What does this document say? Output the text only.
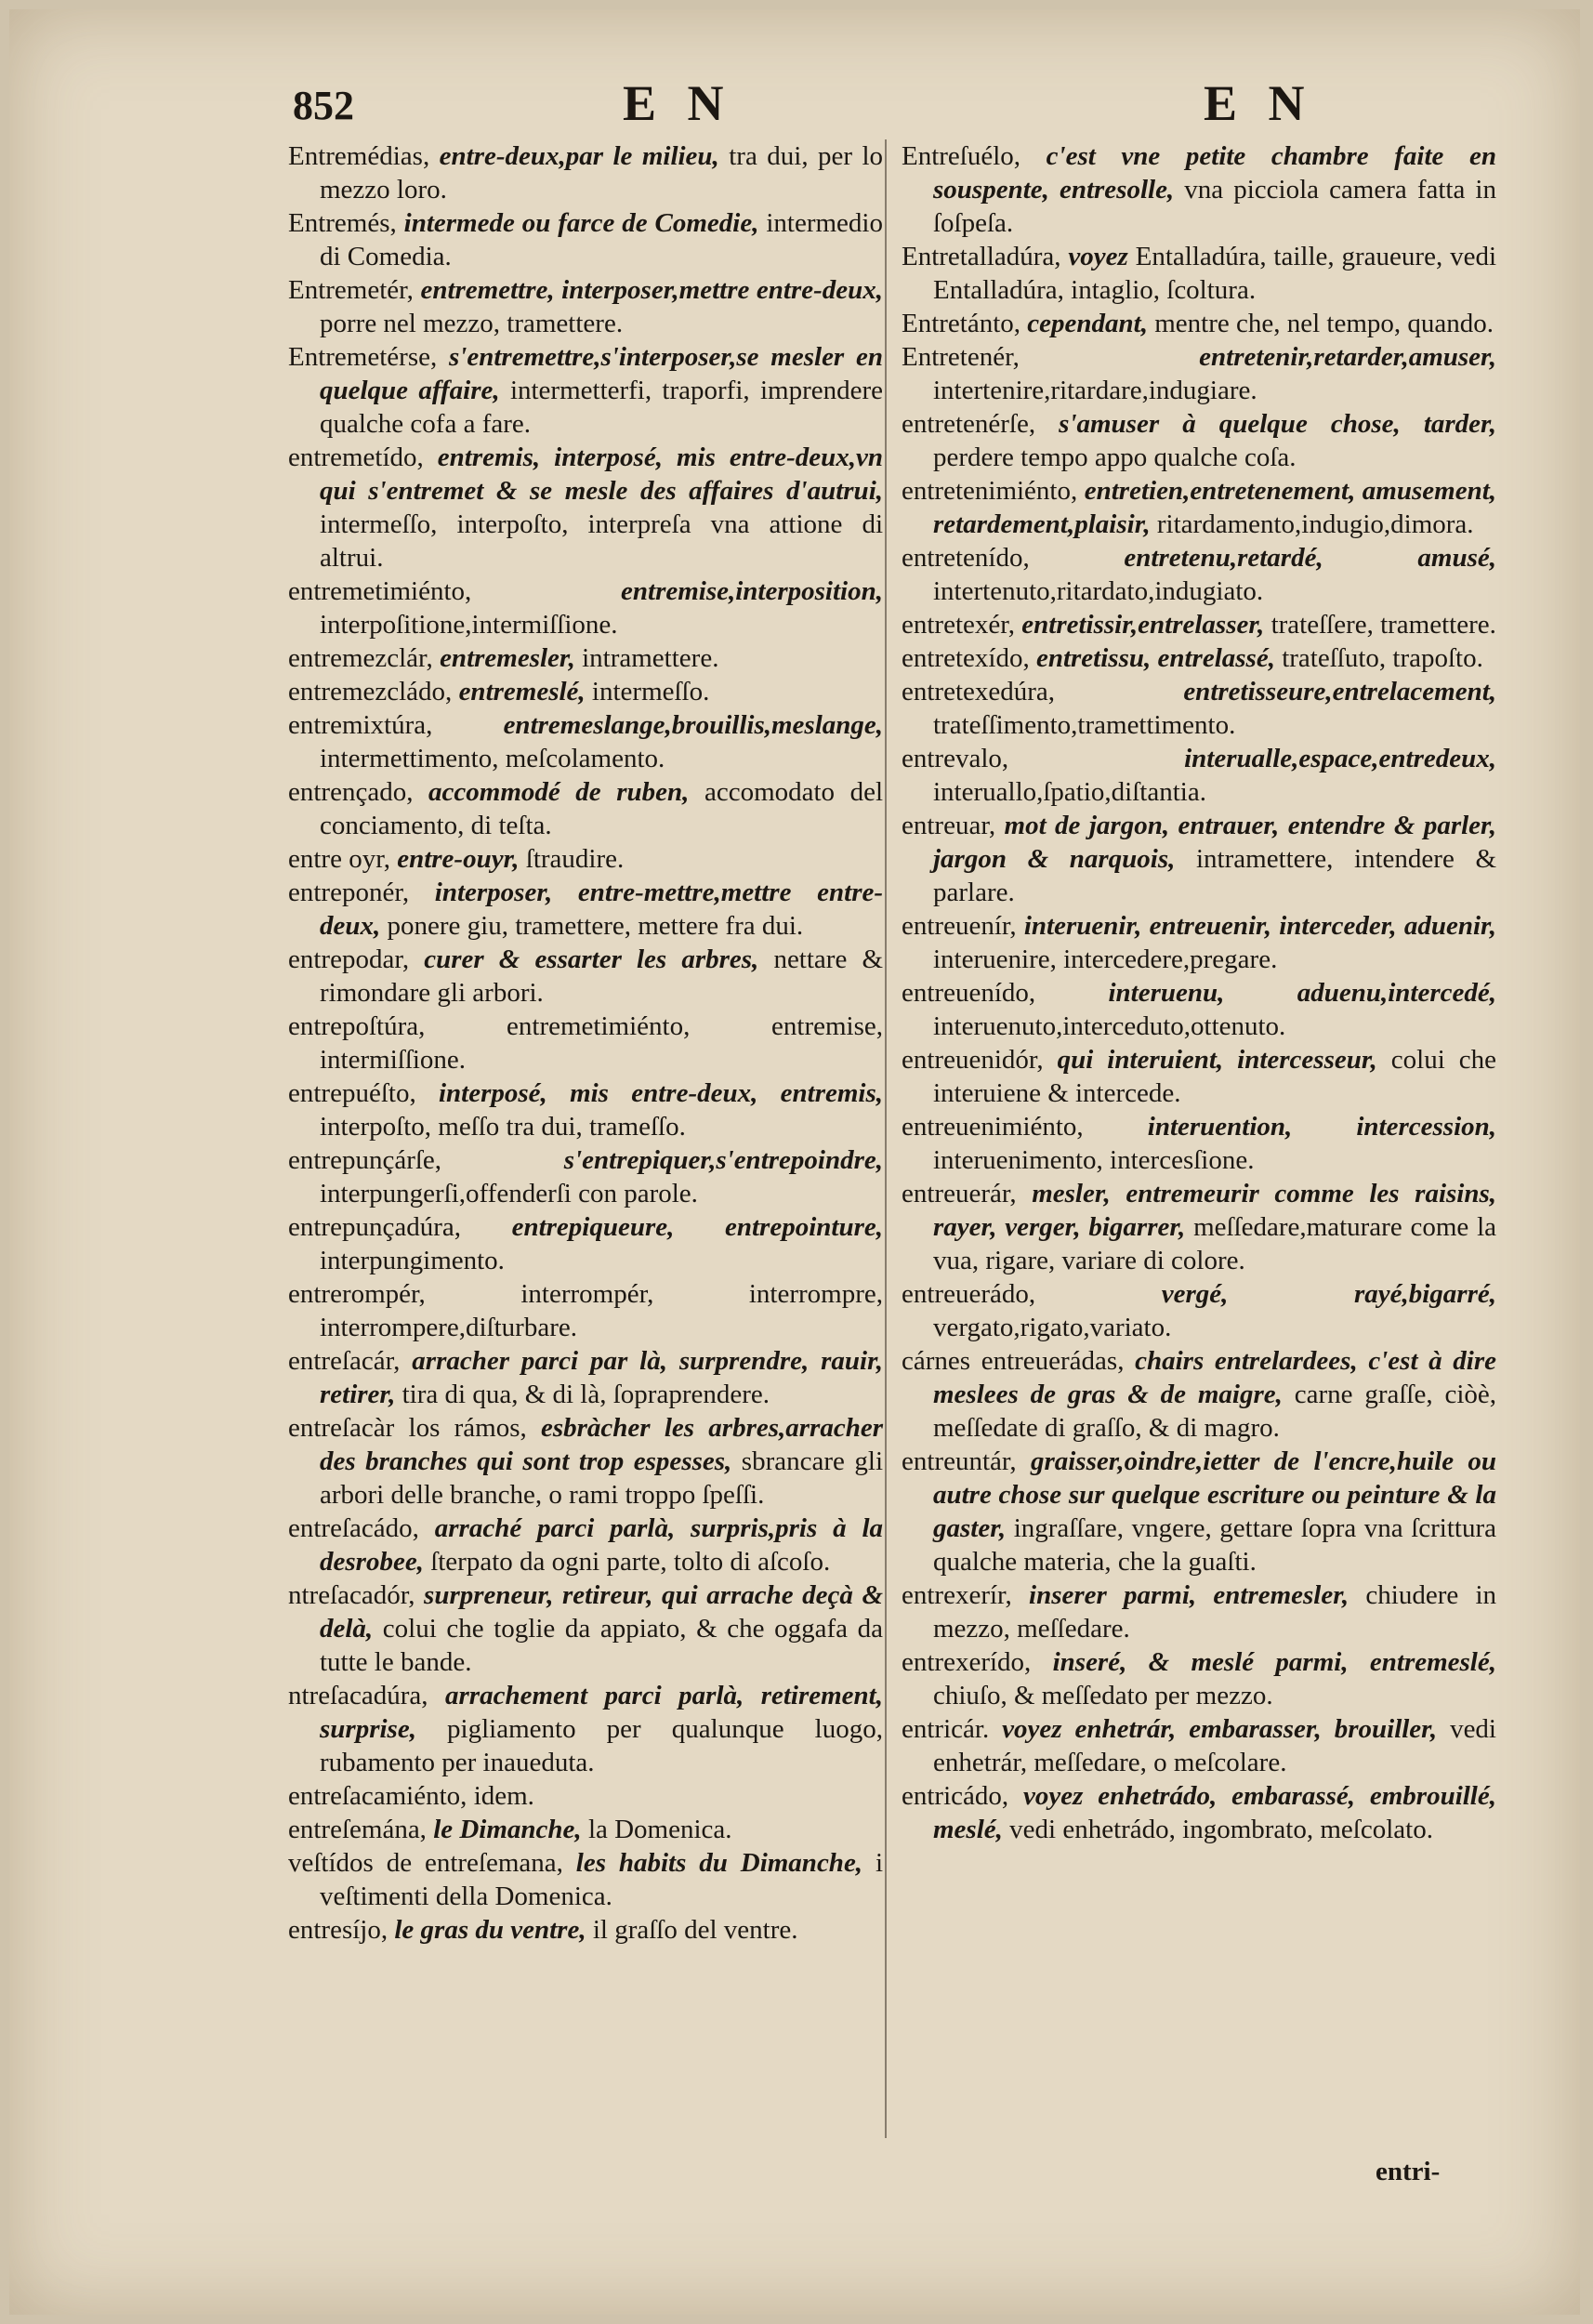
852	E N	E N

Entremédias, entre-deux,par le milieu, tra dui, per lo mezzo loro.

Entremés, intermede ou farce de Comedie, intermedio di Comedia.

Entremetér, entremettre, interposer,mettre entre-deux, porre nel mezzo, tramettere.

Entremetérse, s'entremettre,s'interposer,se mesler en quelque affaire, intermetterfi, traporfi, imprendere qualche cofa a fare.

entremetído, entremis, interposé, mis entre-deux,vn qui s'entremet & se mesle des affaires d'autrui, intermeſſo, interpoſto, interpreſa vna attione di altrui.

entremetimiénto,	entremise,interposition, interpoſitione,intermiſſione.

entremezclár, entremesler, intramettere.

entremezcládo, entremeslé, intermeſſo.

entremixtúra,	entremeslange,brouillis,meslange, intermettimento, meſcolamento.

entrençado, accommodé de ruben, accomodato del conciamento, di teſta.

entre oyr, entre-ouyr, ſtraudire.

entreponér, interposer, entre-mettre,mettre entre-deux, ponere giu, tramettere, mettere fra dui.

entrepodar, curer & essarter les arbres, nettare & rimondare gli arbori.

entrepoſtúra,	entremetimiénto, entremise, intermiſſione.

entrepuéſto, interposé, mis entre-deux, entremis, interpoſto, meſſo tra dui, trameſſo.

entrepunçárſe,	s'entrepiquer,s'entrepoindre, interpungerſi,offenderſi con parole.

entrepunçadúra, entrepiqueure, entrepointure, interpungimento.

entrerompér,	interrompér, interrompre, interrompere,diſturbare.

entreſacár, arracher parci par là, surprendre, rauir, retirer, tira di qua, & di là, ſopraprendere.

entreſacàr los rámos, esbràcher les arbres,arracher des branches qui sont trop espesses, sbrancare gli arbori delle branche, o rami troppo ſpeſſi.

entreſacádo, arraché parci parlà, surpris,pris à la desrobee, ſterpato da ogni parte, tolto di aſcoſo.

ntreſacadór, surpreneur, retireur, qui arrache deçà & delà, colui che toglie da appiato, & che oggafa da tutte le bande.

ntreſacadúra, arrachement parci parlà, retirement, surprise, pigliamento per qualunque luogo, rubamento per inaueduta.

entreſacamiénto, idem.

entreſemána, le Dimanche, la Domenica.

veſtídos de entreſemana, les habits du Dimanche, i veſtimenti della Domenica.

entresíjo, le gras du ventre, il graſſo del ventre.

Entreſuélo, c'est vne petite chambre faite en souspente, entresolle, vna picciola camera fatta in ſoſpeſa.

Entretalladúra, voyez Entalladúra, taille, graueure, vedi Entalladúra, intaglio, ſcoltura.

Entretánto, cependant, mentre che, nel tempo, quando.

Entretenér,	entretenir,retarder,amuser, intertenire,ritardare,indugiare.

entretenérſe, s'amuser à quelque chose, tarder, perdere tempo appo qualche coſa.

entretenimiénto, entretien,entretenement, amusement, retardement,plaisir, ritardamento,indugio,dimora.

entretenído,	entretenu,retardé, amusé, intertenuto,ritardato,indugiato.

entretexér, entretissir,entrelasser, trateſſere, tramettere.

entretexído, entretissu, entrelassé, trateſſuto, trapoſto.

entretexedúra,	entretisseure,entrelacement, trateſſimento,tramettimento.

entrevalo,	interualle,espace,entredeux, interuallo,ſpatio,diſtantia.

entreuar, mot de jargon, entrauer, entendre & parler, jargon & narquois, intramettere, intendere & parlare.

entreuenír, interuenir, entreuenir, interceder, aduenir, interuenire, intercedere,pregare.

entreuenído,	interuenu, aduenu,intercedé, interuenuto,interceduto,ottenuto.

entreuenidór, qui interuient, intercesseur, colui che interuiene & intercede.

entreuenimiénto, interuention, intercession, interuenimento, intercesſione.

entreuerár, mesler, entremeurir comme les raisins, rayer, verger, bigarrer, meſſedare,maturare come la vua, rigare, variare di colore.

entreuerádo,	vergé, rayé,bigarré, vergato,rigato,variato.

cárnes entreuerádas, chairs entrelardees, c'est à dire meslees de gras & de maigre, carne graſſe, ciòè, meſſedate di graſſo, & di magro.

entreuntár, graisser,oindre,ietter de l'encre,huile ou autre chose sur quelque escriture ou peinture & la gaster, ingraſſare, vngere, gettare ſopra vna ſcrittura qualche materia, che la guaſti.

entrexerír, inserer parmi, entremesler, chiudere in mezzo, meſſedare.

entrexerído, inseré, & meslé parmi, entremeslé, chiuſo, & meſſedato per mezzo.

entricár. voyez enhetrár, embarasser, brouiller, vedi enhetrár, meſſedare, o meſcolare.

entricádo, voyez enhetrádo, embarassé, embrouillé, meslé, vedi enhetrádo, ingombrato, meſcolato.

entri-
